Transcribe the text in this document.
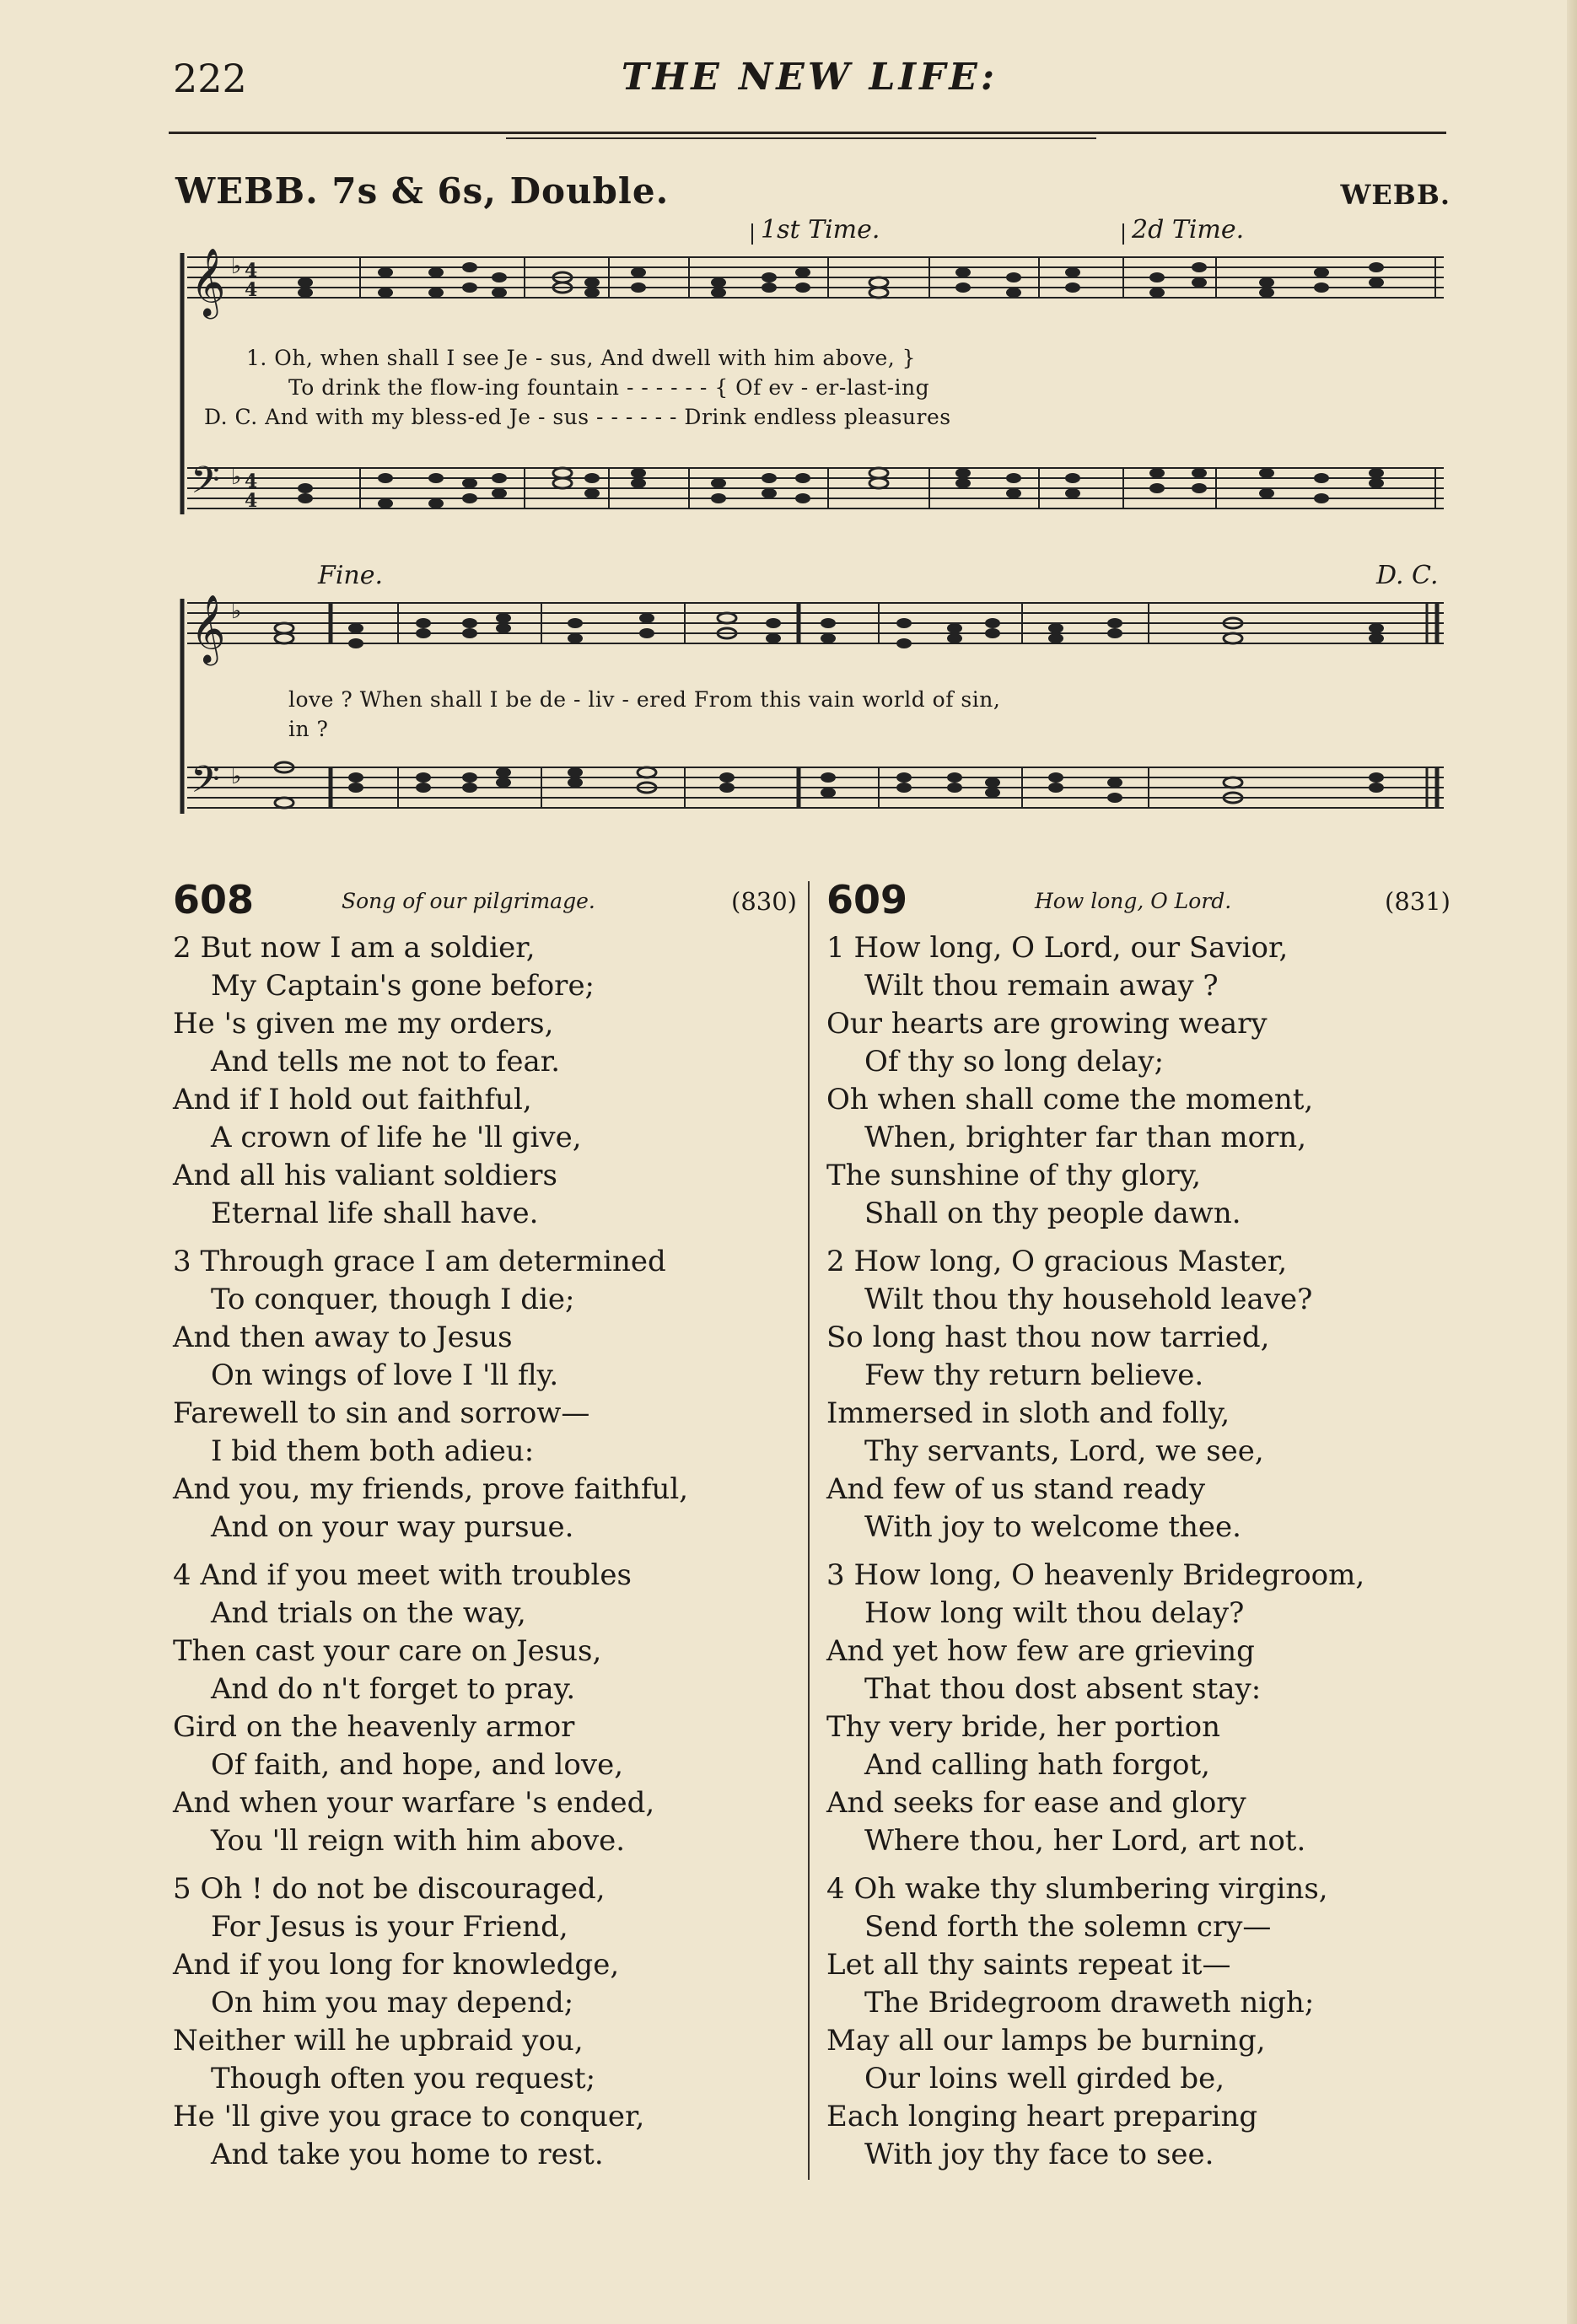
222	THE NEW LIFE:
WEBB. 7s & 6s, Double.	WEBB.
𝄞 ♭ 4
4
𝄢 ♭ 4
4
1st Time.	2d Time.
1. Oh, when shall I see Je - sus, And dwell with him above, }
To drink the flow-ing fountain - - - - - - { Of ev - er-last-ing
D. C. And with my bless-ed Je - sus - - - - - - Drink endless pleasures
𝄞 ♭
𝄢 ♭
Fine.	D. C.
love ? When shall I be de - liv - ered From this vain world of sin,
in ?
608	Song of our pilgrimage.	(830)
2 But now I am a soldier,
My Captain's gone before;
He 's given me my orders,
And tells me not to fear.
And if I hold out faithful,
A crown of life he 'll give,
And all his valiant soldiers
Eternal life shall have.
3 Through grace I am determined
To conquer, though I die;
And then away to Jesus
On wings of love I 'll fly.
Farewell to sin and sorrow—
I bid them both adieu:
And you, my friends, prove faithful,
And on your way pursue.
4 And if you meet with troubles
And trials on the way,
Then cast your care on Jesus,
And do n't forget to pray.
Gird on the heavenly armor
Of faith, and hope, and love,
And when your warfare 's ended,
You 'll reign with him above.
5 Oh ! do not be discouraged,
For Jesus is your Friend,
And if you long for knowledge,
On him you may depend;
Neither will he upbraid you,
Though often you request;
He 'll give you grace to conquer,
And take you home to rest.
609	How long, O Lord.	(831)
1 How long, O Lord, our Savior,
Wilt thou remain away ?
Our hearts are growing weary
Of thy so long delay;
Oh when shall come the moment,
When, brighter far than morn,
The sunshine of thy glory,
Shall on thy people dawn.
2 How long, O gracious Master,
Wilt thou thy household leave?
So long hast thou now tarried,
Few thy return believe.
Immersed in sloth and folly,
Thy servants, Lord, we see,
And few of us stand ready
With joy to welcome thee.
3 How long, O heavenly Bridegroom,
How long wilt thou delay?
And yet how few are grieving
That thou dost absent stay:
Thy very bride, her portion
And calling hath forgot,
And seeks for ease and glory
Where thou, her Lord, art not.
4 Oh wake thy slumbering virgins,
Send forth the solemn cry—
Let all thy saints repeat it—
The Bridegroom draweth nigh;
May all our lamps be burning,
Our loins well girded be,
Each longing heart preparing
With joy thy face to see.
